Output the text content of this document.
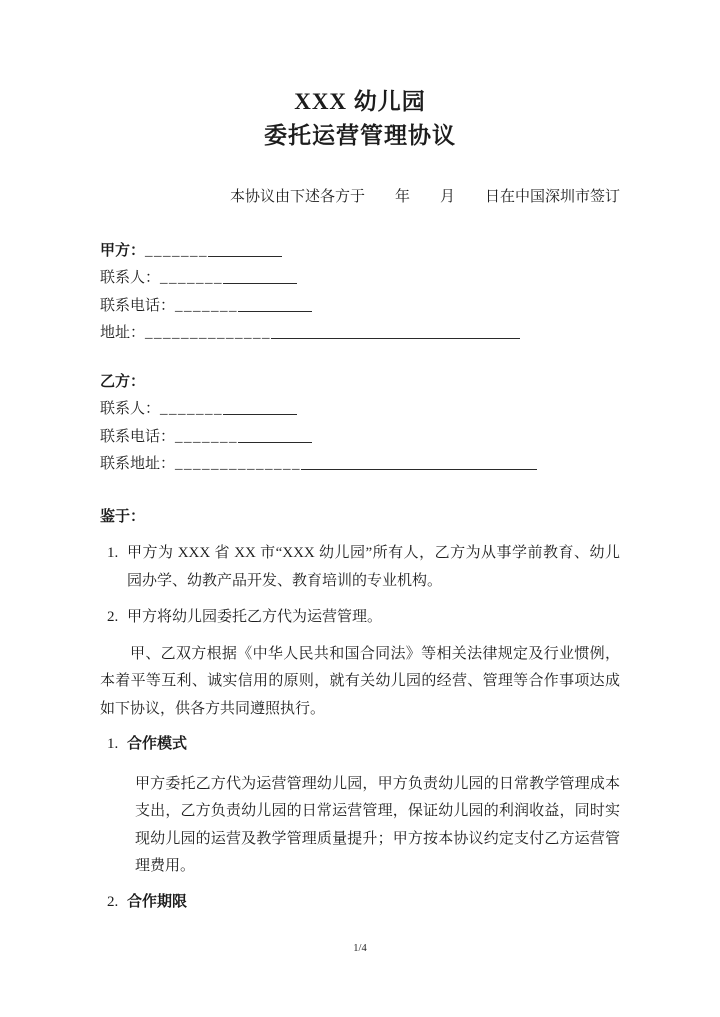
XXX 幼儿园
委托运营管理协议
本协议由下述各方于　　年　　月　　日在中国深圳市签订
甲方：_______
联系人：_______
联系电话：_______
地址：______________
乙方：
联系人：_______
联系电话：_______
联系地址：______________
鉴于：
1. 甲方为 XXX 省 XX 市“XXX 幼儿园”所有人，乙方为从事学前教育、幼儿园办学、幼教产品开发、教育培训的专业机构。
2. 甲方将幼儿园委托乙方代为运营管理。
甲、乙双方根据《中华人民共和国合同法》等相关法律规定及行业惯例，本着平等互利、诚实信用的原则，就有关幼儿园的经营、管理等合作事项达成如下协议，供各方共同遵照执行。
1. 合作模式
甲方委托乙方代为运营管理幼儿园，甲方负责幼儿园的日常教学管理成本支出，乙方负责幼儿园的日常运营管理，保证幼儿园的利润收益，同时实现幼儿园的运营及教学管理质量提升；甲方按本协议约定支付乙方运营管理费用。
2. 合作期限
1/4
